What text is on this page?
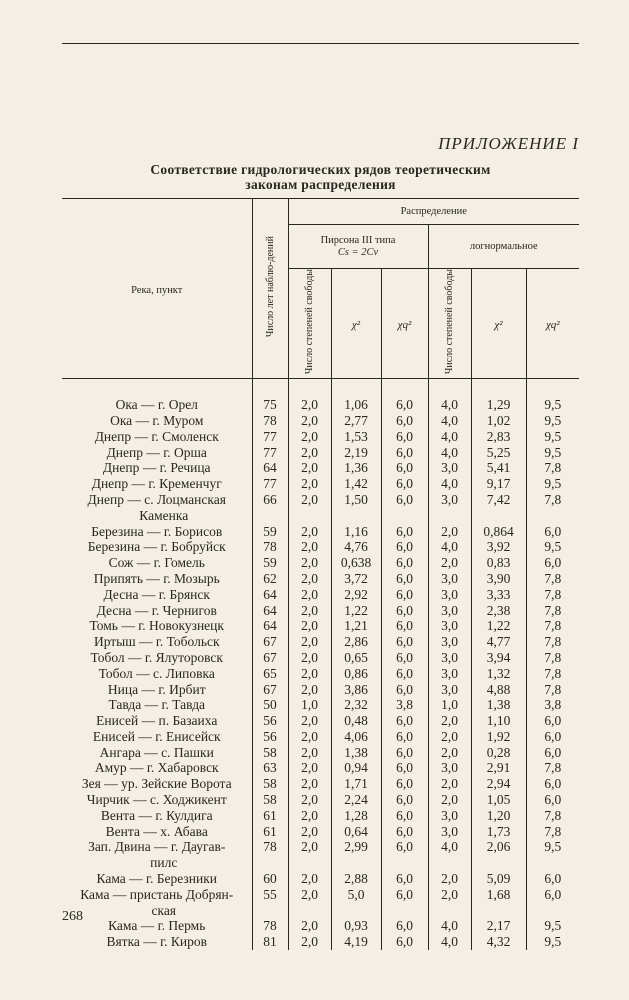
ПРИЛОЖЕНИЕ I
Соответствие гидрологических рядов теоретическим
законам распределения
Река, пункт	Число лет наблю-дений	Распределение					

		Пирсона III типа
Cs = 2Cv			логнормальное		
		Число степеней свободы	χ²	χq²	Число степеней свободы	χ²	χq²

Ока — г. Орел	75	2,0	1,06	6,0	4,0	1,29	9,5

Ока — г. Муром	78	2,0	2,77	6,0	4,0	1,02	9,5

Днепр — г. Смоленск	77	2,0	1,53	6,0	4,0	2,83	9,5

Днепр — г. Орша	77	2,0	2,19	6,0	4,0	5,25	9,5

Днепр — г. Речица	64	2,0	1,36	6,0	3,0	5,41	7,8

Днепр — г. Кременчуг	77	2,0	1,42	6,0	4,0	9,17	9,5

Днепр — с. Лоцманская
Каменка	66	2,0	1,50	6,0	3,0	7,42	7,8

Березина — г. Борисов	59	2,0	1,16	6,0	2,0	0,864	6,0

Березина — г. Бобруйск	78	2,0	4,76	6,0	4,0	3,92	9,5

Сож — г. Гомель	59	2,0	0,638	6,0	2,0	0,83	6,0

Припять — г. Мозырь	62	2,0	3,72	6,0	3,0	3,90	7,8

Десна — г. Брянск	64	2,0	2,92	6,0	3,0	3,33	7,8

Десна — г. Чернигов	64	2,0	1,22	6,0	3,0	2,38	7,8

Томь — г. Новокузнецк	64	2,0	1,21	6,0	3,0	1,22	7,8

Иртыш — г. Тобольск	67	2,0	2,86	6,0	3,0	4,77	7,8

Тобол — г. Ялуторовск	67	2,0	0,65	6,0	3,0	3,94	7,8

Тобол — с. Липовка	65	2,0	0,86	6,0	3,0	1,32	7,8

Ница — г. Ирбит	67	2,0	3,86	6,0	3,0	4,88	7,8

Тавда — г. Тавда	50	1,0	2,32	3,8	1,0	1,38	3,8

Енисей — п. Базаиха	56	2,0	0,48	6,0	2,0	1,10	6,0

Енисей — г. Енисейск	56	2,0	4,06	6,0	2,0	1,92	6,0

Ангара — с. Пашки	58	2,0	1,38	6,0	2,0	0,28	6,0

Амур — г. Хабаровск	63	2,0	0,94	6,0	3,0	2,91	7,8

Зея — ур. Зейские Ворота	58	2,0	1,71	6,0	2,0	2,94	6,0

Чирчик — с. Ходжикент	58	2,0	2,24	6,0	2,0	1,05	6,0

Вента — г. Кулдига	61	2,0	1,28	6,0	3,0	1,20	7,8

Вента — х. Абава	61	2,0	0,64	6,0	3,0	1,73	7,8

Зап. Двина — г. Даугав-
пилс	78	2,0	2,99	6,0	4,0	2,06	9,5

Кама — г. Березники	60	2,0	2,88	6,0	2,0	5,09	6,0

Кама — пристань Добрян-
ская	55	2,0	5,0	6,0	2,0	1,68	6,0

Кама — г. Пермь	78	2,0	0,93	6,0	4,0	2,17	9,5

Вятка — г. Киров	81	2,0	4,19	6,0	4,0	4,32	9,5
268
